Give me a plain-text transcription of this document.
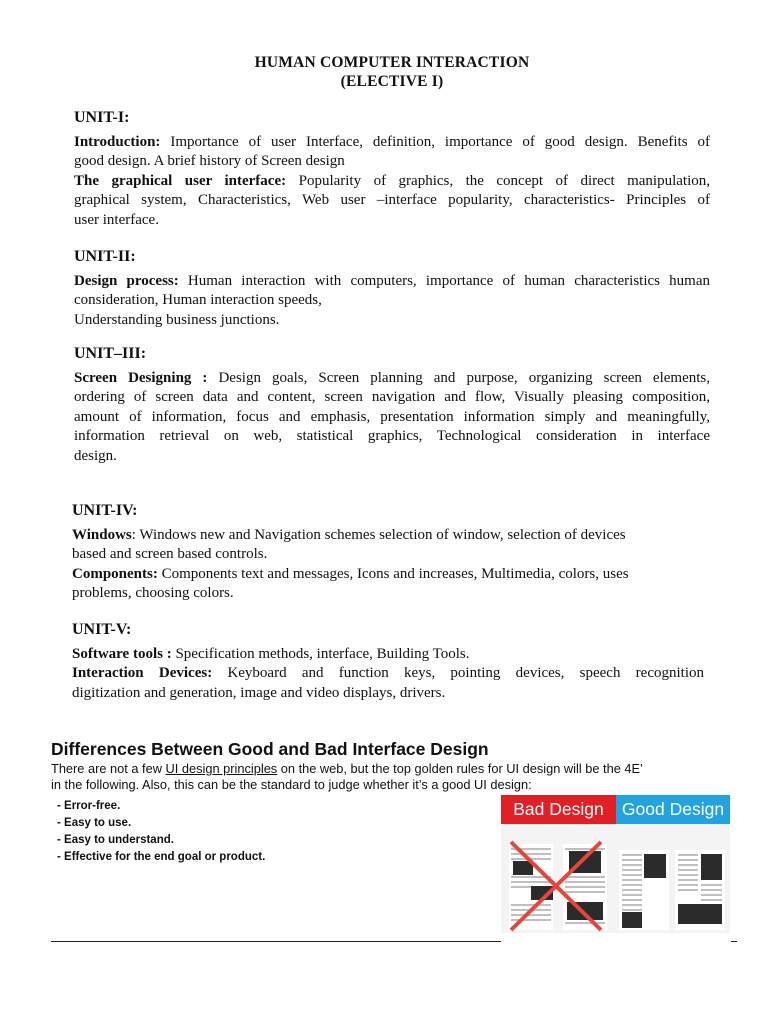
HUMAN COMPUTER INTERACTION
(ELECTIVE I)
UNIT-I:
Introduction: Importance of user Interface, definition, importance of good design. Benefits of
good design. A brief history of Screen design
The graphical user interface: Popularity of graphics, the concept of direct manipulation,
graphical system, Characteristics, Web user –interface popularity, characteristics- Principles of
user interface.
UNIT-II:
Design process: Human interaction with computers, importance of human characteristics human
consideration, Human interaction speeds,
Understanding business junctions.
UNIT–III:
Screen Designing : Design goals, Screen planning and purpose, organizing screen elements,
ordering of screen data and content, screen navigation and flow, Visually pleasing composition,
amount of information, focus and emphasis, presentation information simply and meaningfully,
information retrieval on web, statistical graphics, Technological consideration in interface
design.
UNIT-IV:
Windows: Windows new and Navigation schemes selection of window, selection of devices
based and screen based controls.
Components: Components text and messages, Icons and increases, Multimedia, colors, uses
problems, choosing colors.
UNIT-V:
Software tools : Specification methods, interface, Building Tools.
Interaction Devices: Keyboard and function keys, pointing devices, speech recognition
digitization and generation, image and video displays, drivers.
Differences Between Good and Bad Interface Design
There are not a few UI design principles on the web, but the top golden rules for UI design will be the 4E’
in the following. Also, this can be the standard to judge whether it’s a good UI design:
- Error-free.
- Easy to use.
- Easy to understand.
- Effective for the end goal or product.
Bad Design	Good Design
